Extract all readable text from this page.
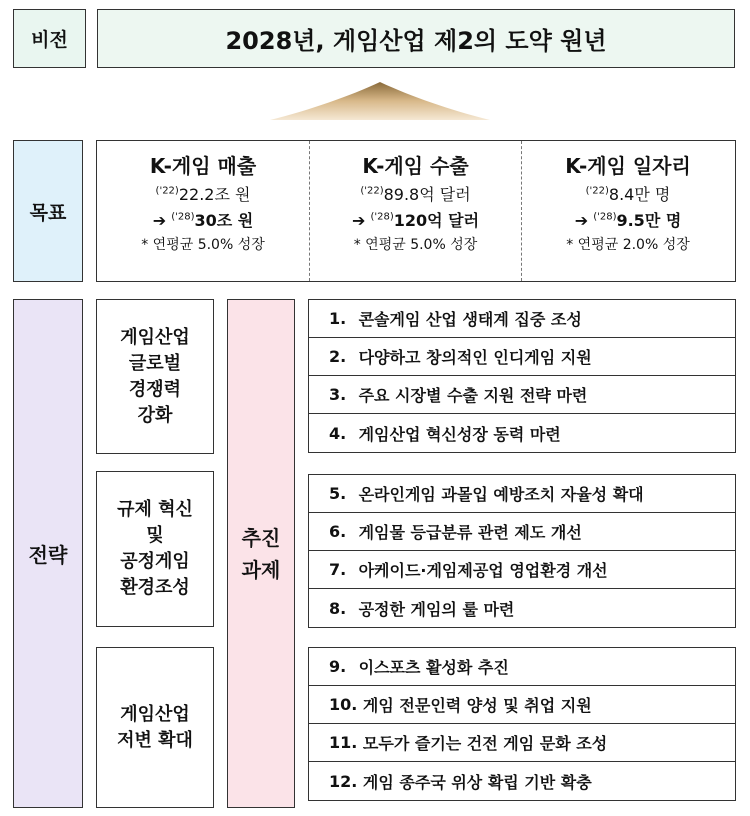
비전	2028년, 게임산업 제2의 도약 원년
목표
K-게임 매출
$^{('22)}$22.2조 원
➔ $^{('28)}$30조 원
* 연평균 5.0% 성장
K-게임 수출
$^{('22)}$89.8억 달러
➔ $^{('28)}$120억 달러
* 연평균 5.0% 성장
K-게임 일자리
$^{('22)}$8.4만 명
➔ $^{('28)}$9.5만 명
* 연평균 2.0% 성장
전략
게임산업
글로벌
경쟁력
강화
규제 혁신
및
공정게임
환경조성
게임산업
저변 확대
추진
과제
1.
콘솔게임 산업 생태계 집중 조성
2.
다양하고 창의적인 인디게임 지원
3.
주요 시장별 수출 지원 전략 마련
4.
게임산업 혁신성장 동력 마련
5.
온라인게임 과몰입 예방조치 자율성 확대
6.
게임물 등급분류 관련 제도 개선
7.
아케이드·게임제공업 영업환경 개선
8.
공정한 게임의 룰 마련
9.
이스포츠 활성화 추진
10.
게임 전문인력 양성 및 취업 지원
11.
모두가 즐기는 건전 게임 문화 조성
12.
게임 종주국 위상 확립 기반 확충
